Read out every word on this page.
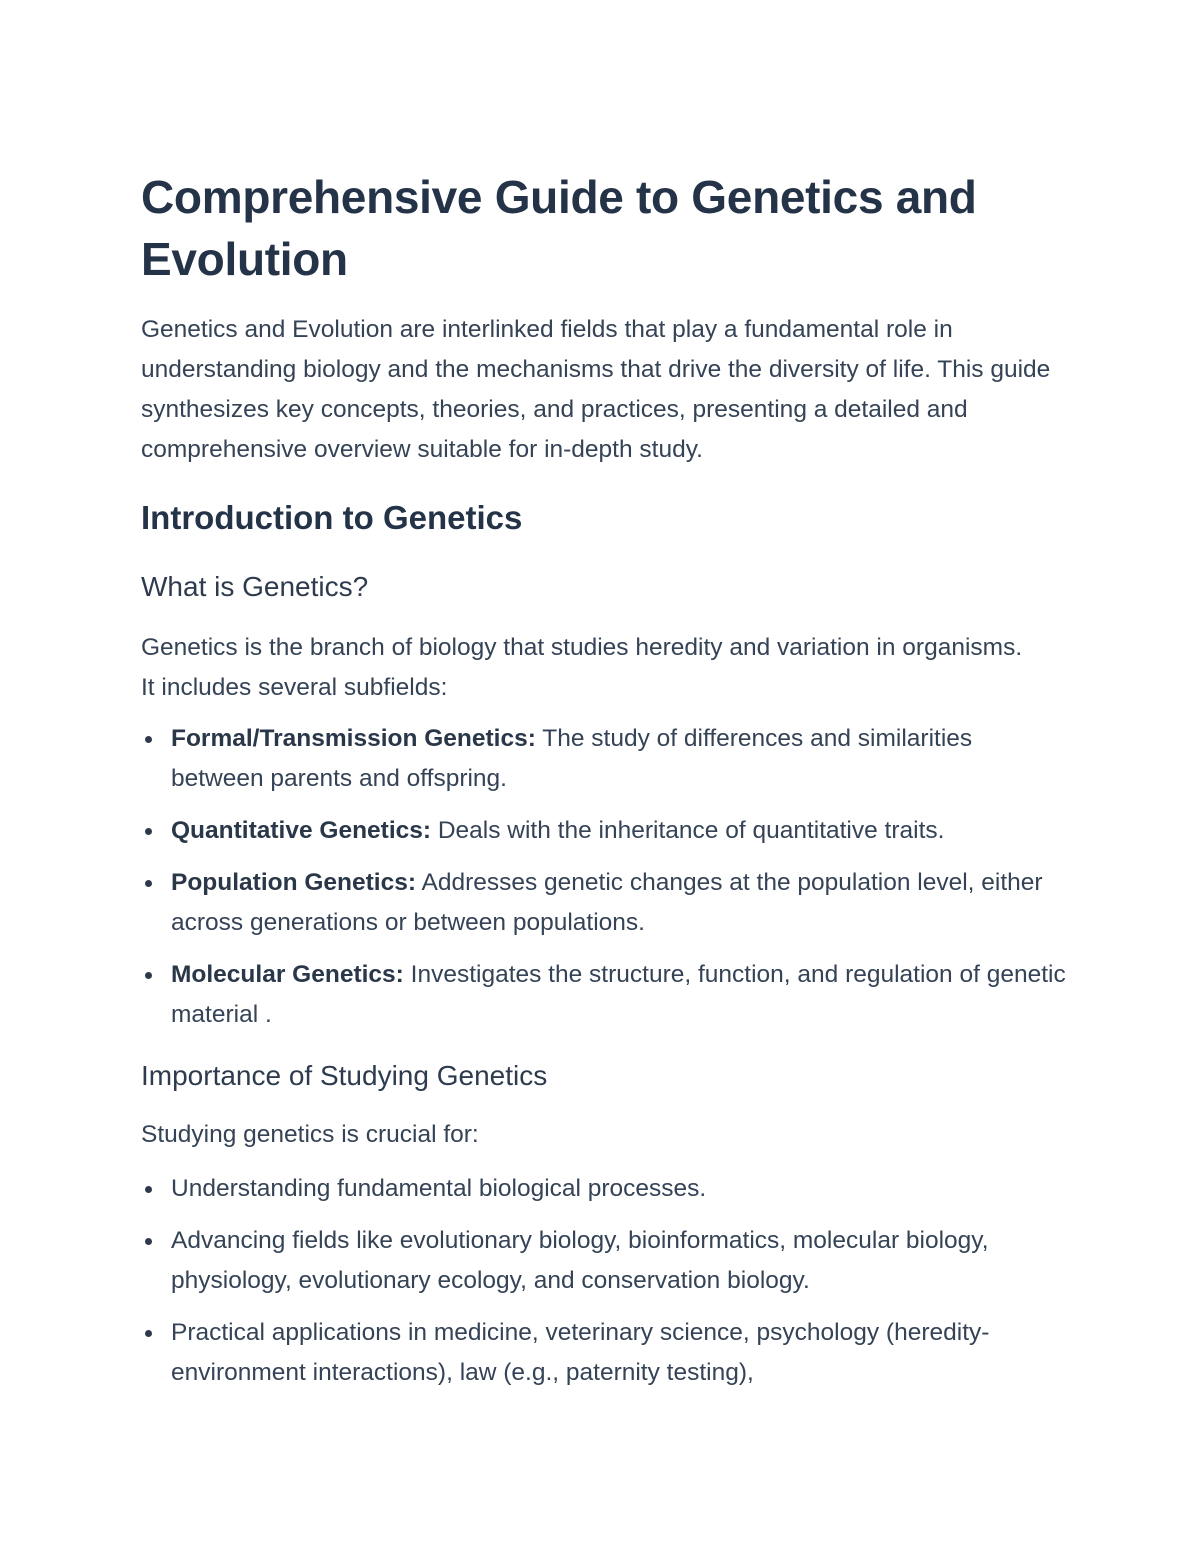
Comprehensive Guide to Genetics and Evolution

Genetics and Evolution are interlinked fields that play a fundamental role in understanding biology and the mechanisms that drive the diversity of life. This guide synthesizes key concepts, theories, and practices, presenting a detailed and comprehensive overview suitable for in-depth study.

Introduction to Genetics
What is Genetics?

Genetics is the branch of biology that studies heredity and variation in organisms. It includes several subfields:

Formal/Transmission Genetics: The study of differences and similarities between parents and offspring.
Quantitative Genetics: Deals with the inheritance of quantitative traits.
Population Genetics: Addresses genetic changes at the population level, either across generations or between populations.
Molecular Genetics: Investigates the structure, function, and regulation of genetic material .
Importance of Studying Genetics

Studying genetics is crucial for:

Understanding fundamental biological processes.
Advancing fields like evolutionary biology, bioinformatics, molecular biology, physiology, evolutionary ecology, and conservation biology.
Practical applications in medicine, veterinary science, psychology (heredity-environment interactions), law (e.g., paternity testing),
